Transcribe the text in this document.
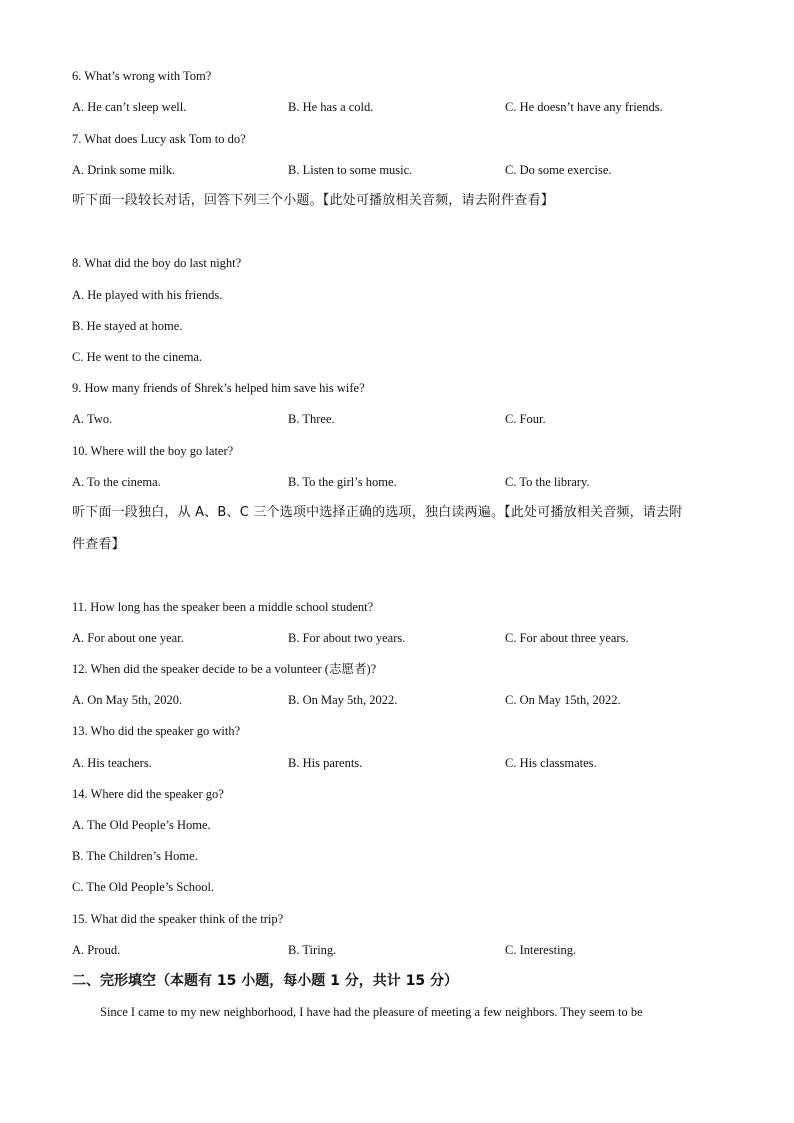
6. What’s wrong with Tom?
A. He can’t sleep well.	B. He has a cold.	C. He doesn’t have any friends.
7. What does Lucy ask Tom to do?
A. Drink some milk.	B. Listen to some music.	C. Do some exercise.
听下面一段较长对话，回答下列三个小题。【此处可播放相关音频，请去附件查看】
8. What did the boy do last night?
A. He played with his friends.
B. He stayed at home.
C. He went to the cinema.
9. How many friends of Shrek’s helped him save his wife?
A. Two.	B. Three.	C. Four.
10. Where will the boy go later?
A. To the cinema.	B. To the girl’s home.	C. To the library.
听下面一段独白，从 A、B、C 三个选项中选择正确的选项，独白读两遍。【此处可播放相关音频，请去附
件查看】
11. How long has the speaker been a middle school student?
A. For about one year.	B. For about two years.	C. For about three years.
12. When did the speaker decide to be a volunteer (志愿者)?
A. On May 5th, 2020.	B. On May 5th, 2022.	C. On May 15th, 2022.
13. Who did the speaker go with?
A. His teachers.	B. His parents.	C. His classmates.
14. Where did the speaker go?
A. The Old People’s Home.
B. The Children’s Home.
C. The Old People’s School.
15. What did the speaker think of the trip?
A. Proud.	B. Tiring.	C. Interesting.
二、完形填空（本题有 15 小题，每小题 1 分，共计 15 分）
Since I came to my new neighborhood, I have had the pleasure of meeting a few neighbors. They seem to be
